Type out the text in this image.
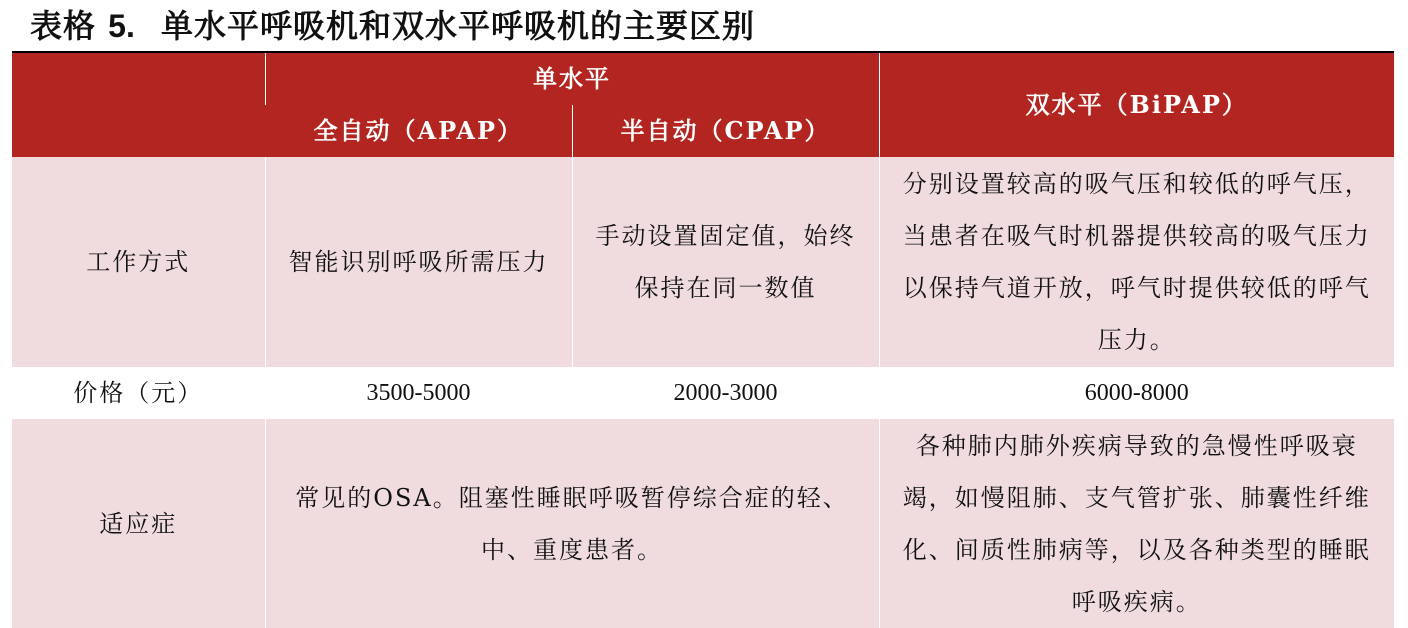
表格 5. 单水平呼吸机和双水平呼吸机的主要区别

	单水平		双水平（BiPAP）

	全自动（APAP）	半自动（CPAP）	

工作方式	智能识别呼吸所需压力	手动设置固定值，始终保持在同一数值	分别设置较高的吸气压和较低的呼气压，当患者在吸气时机器提供较高的吸气压力以保持气道开放，呼气时提供较低的呼气压力。

价格（元）	3500-5000	2000-3000	6000-8000

适应症	常见的OSA。阻塞性睡眠呼吸暂停综合症的轻、中、重度患者。		各种肺内肺外疾病导致的急慢性呼吸衰竭，如慢阻肺、支气管扩张、肺囊性纤维化、间质性肺病等，以及各种类型的睡眠呼吸疾病。
